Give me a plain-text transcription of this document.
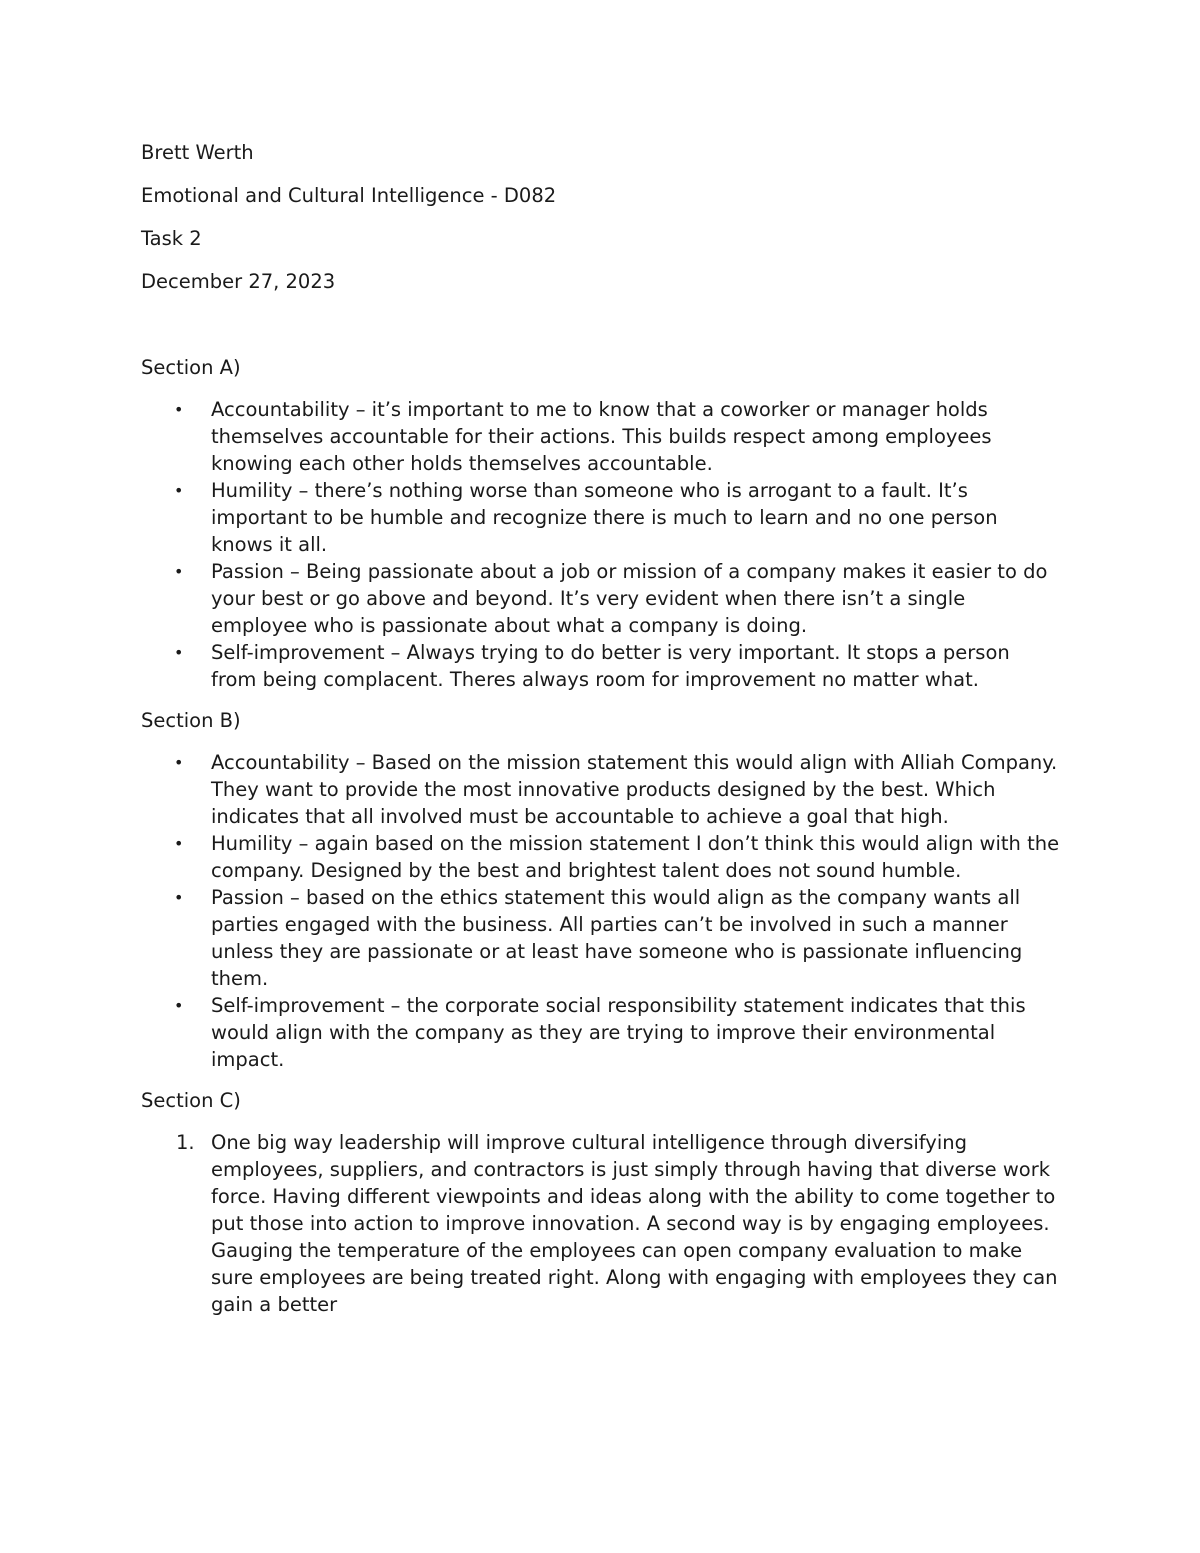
Brett Werth
Emotional and Cultural Intelligence - D082
Task 2
December 27, 2023
Section A)
• Accountability – it’s important to me to know that a coworker or manager holds themselves accountable for their actions. This builds respect among employees knowing each other holds themselves accountable.
• Humility – there’s nothing worse than someone who is arrogant to a fault. It’s important to be humble and recognize there is much to learn and no one person knows it all.
• Passion – Being passionate about a job or mission of a company makes it easier to do your best or go above and beyond. It’s very evident when there isn’t a single employee who is passionate about what a company is doing.
• Self-improvement – Always trying to do better is very important. It stops a person from being complacent. Theres always room for improvement no matter what.
Section B)
• Accountability – Based on the mission statement this would align with Alliah Company. They want to provide the most innovative products designed by the best. Which indicates that all involved must be accountable to achieve a goal that high.
• Humility – again based on the mission statement I don’t think this would align with the company. Designed by the best and brightest talent does not sound humble.
• Passion – based on the ethics statement this would align as the company wants all parties engaged with the business. All parties can’t be involved in such a manner unless they are passionate or at least have someone who is passionate influencing them.
• Self-improvement – the corporate social responsibility statement indicates that this would align with the company as they are trying to improve their environmental impact.
Section C)
1. One big way leadership will improve cultural intelligence through diversifying employees, suppliers, and contractors is just simply through having that diverse work force. Having different viewpoints and ideas along with the ability to come together to put those into action to improve innovation. A second way is by engaging employees. Gauging the temperature of the employees can open company evaluation to make sure employees are being treated right. Along with engaging with employees they can gain a better
